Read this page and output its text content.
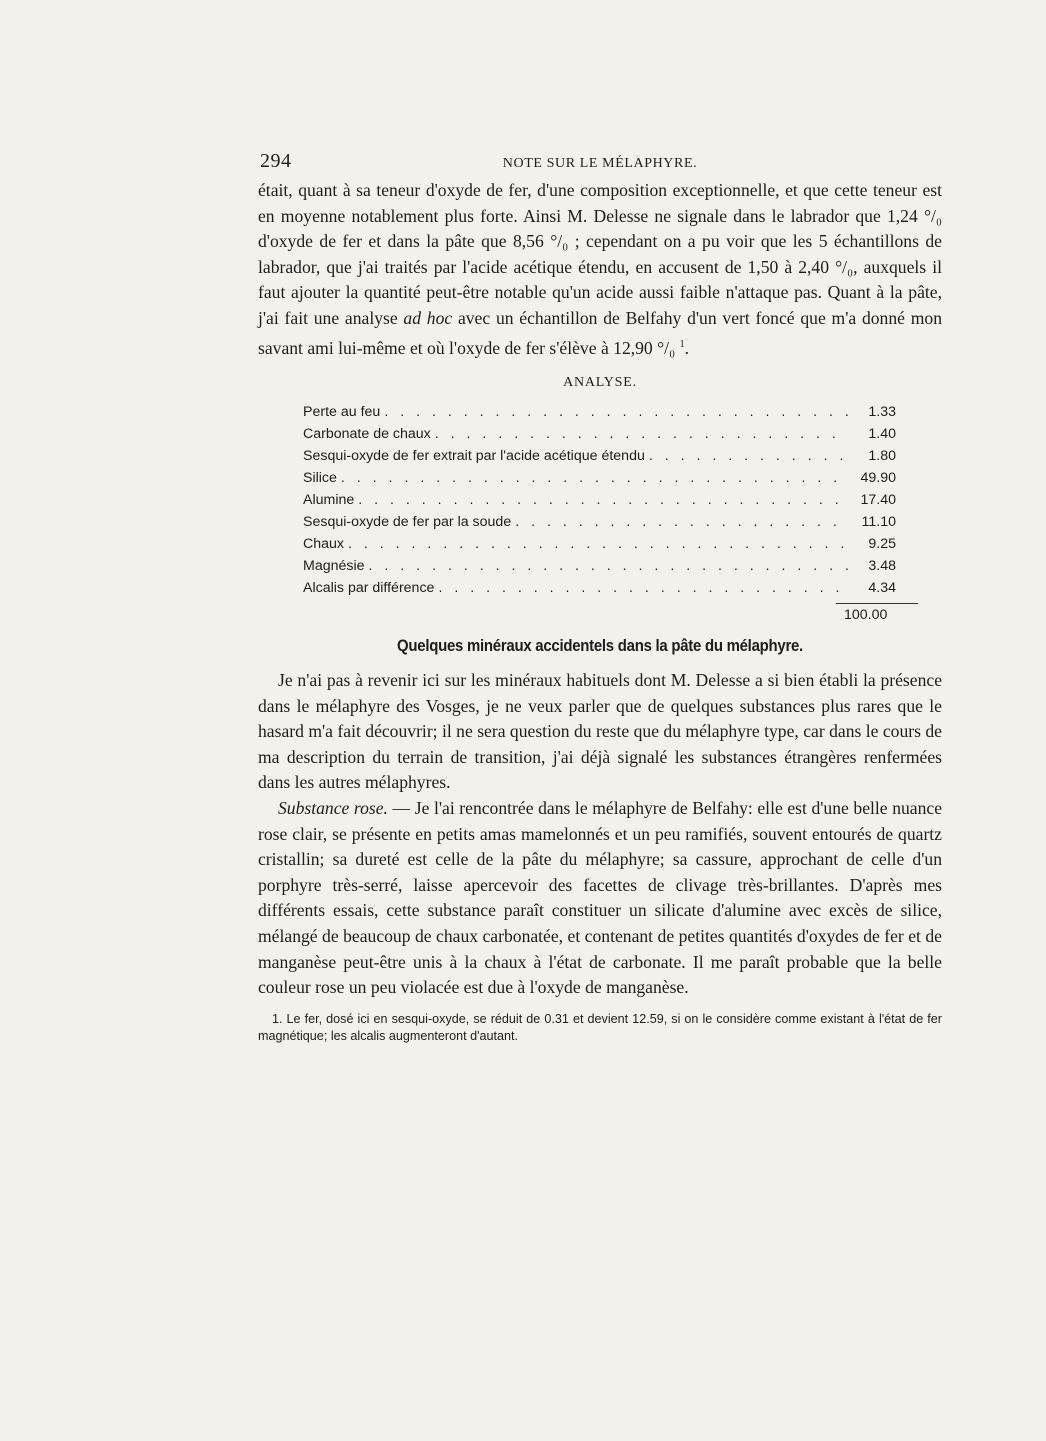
294	NOTE SUR LE MÉLAPHYRE.

était, quant à sa teneur d'oxyde de fer, d'une composition exceptionnelle, et que cette teneur est en moyenne notablement plus forte. Ainsi M. Delesse ne signale dans le labrador que 1,24 °/₀ d'oxyde de fer et dans la pâte que 8,56 °/₀ ; cependant on a pu voir que les 5 échantillons de labrador, que j'ai traités par l'acide acétique étendu, en accusent de 1,50 à 2,40 °/₀, auxquels il faut ajouter la quantité peut-être notable qu'un acide aussi faible n'attaque pas. Quant à la pâte, j'ai fait une analyse ad hoc avec un échantillon de Belfahy d'un vert foncé que m'a donné mon savant ami lui-même et où l'oxyde de fer s'élève à 12,90 °/₀ $^1$.

ANALYSE.
Perte au feu . . .	1.33
Carbonate de chaux . . .	1.40
Sesqui-oxyde de fer extrait par l'acide acétique étendu . . .	1.80
Silice . . .	49.90
Alumine . . .	17.40
Sesqui-oxyde de fer par la soude . . .	11.10
Chaux . . .	9.25
Magnésie . . .	3.48
Alcalis par différence . . .	4.34
100.00
Quelques minéraux accidentels dans la pâte du mélaphyre.

Je n'ai pas à revenir ici sur les minéraux habituels dont M. Delesse a si bien établi la présence dans le mélaphyre des Vosges, je ne veux parler que de quelques substances plus rares que le hasard m'a fait découvrir; il ne sera question du reste que du mélaphyre type, car dans le cours de ma description du terrain de transition, j'ai déjà signalé les substances étrangères renfermées dans les autres mélaphyres.

Substance rose. — Je l'ai rencontrée dans le mélaphyre de Belfahy: elle est d'une belle nuance rose clair, se présente en petits amas mamelonnés et un peu ramifiés, souvent entourés de quartz cristallin; sa dureté est celle de la pâte du mélaphyre; sa cassure, approchant de celle d'un porphyre très-serré, laisse apercevoir des facettes de clivage très-brillantes. D'après mes différents essais, cette substance paraît constituer un silicate d'alumine avec excès de silice, mélangé de beaucoup de chaux carbonatée, et contenant de petites quantités d'oxydes de fer et de manganèse peut-être unis à la chaux à l'état de carbonate. Il me paraît probable que la belle couleur rose un peu violacée est due à l'oxyde de manganèse.

1. Le fer, dosé ici en sesqui-oxyde, se réduit de 0.31 et devient 12.59, si on le considère comme existant à l'état de fer magnétique; les alcalis augmenteront d'autant.
